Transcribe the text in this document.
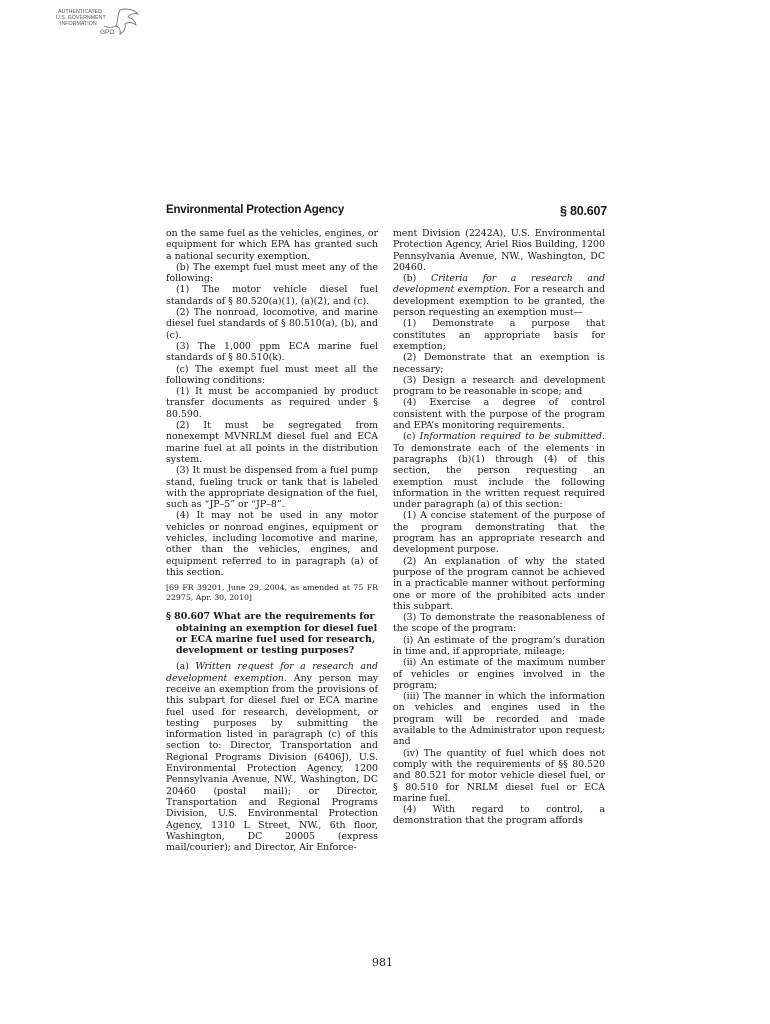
AUTHENTICATED
U.S. GOVERNMENT
INFORMATION
GPO
Environmental Protection Agency	§ 80.607

on the same fuel as the vehicles, engines, or equipment for which EPA has granted such a national security exemption.

(b) The exempt fuel must meet any of the following:

(1) The motor vehicle diesel fuel standards of § 80.520(a)(1), (a)(2), and (c).

(2) The nonroad, locomotive, and marine diesel fuel standards of § 80.510(a), (b), and (c).

(3) The 1,000 ppm ECA marine fuel standards of § 80.510(k).

(c) The exempt fuel must meet all the following conditions:

(1) It must be accompanied by product transfer documents as required under § 80.590.

(2) It must be segregated from nonexempt MVNRLM diesel fuel and ECA marine fuel at all points in the distribution system.

(3) It must be dispensed from a fuel pump stand, fueling truck or tank that is labeled with the appropriate designation of the fuel, such as “JP–5” or “JP–8”.

(4) It may not be used in any motor vehicles or nonroad engines, equipment or vehicles, including locomotive and marine, other than the vehicles, engines, and equipment referred to in paragraph (a) of this section.

[69 FR 39201, June 29, 2004, as amended at 75 FR 22975, Apr. 30, 2010]

§ 80.607 What are the requirements for obtaining an exemption for diesel fuel or ECA marine fuel used for research, development or testing purposes?

(a) Written request for a research and development exemption. Any person may receive an exemption from the provisions of this subpart for diesel fuel or ECA marine fuel used for research, development, or testing purposes by submitting the information listed in paragraph (c) of this section to: Director, Transportation and Regional Programs Division (6406J), U.S. Environmental Protection Agency, 1200 Pennsylvania Avenue, NW., Washington, DC 20460 (postal mail); or Director, Transportation and Regional Programs Division, U.S. Environmental Protection Agency, 1310 L Street, NW., 6th floor, Washington, DC 20005 (express mail/courier); and Director, Air Enforce-

ment Division (2242A), U.S. Environmental Protection Agency, Ariel Rios Building, 1200 Pennsylvania Avenue, NW., Washington, DC 20460.

(b) Criteria for a research and development exemption. For a research and development exemption to be granted, the person requesting an exemption must—

(1) Demonstrate a purpose that constitutes an appropriate basis for exemption;

(2) Demonstrate that an exemption is necessary;

(3) Design a research and development program to be reasonable in scope; and

(4) Exercise a degree of control consistent with the purpose of the program and EPA’s monitoring requirements.

(c) Information required to be submitted. To demonstrate each of the elements in paragraphs (b)(1) through (4) of this section, the person requesting an exemption must include the following information in the written request required under paragraph (a) of this section:

(1) A concise statement of the purpose of the program demonstrating that the program has an appropriate research and development purpose.

(2) An explanation of why the stated purpose of the program cannot be achieved in a practicable manner without performing one or more of the prohibited acts under this subpart.

(3) To demonstrate the reasonableness of the scope of the program:

(i) An estimate of the program’s duration in time and, if appropriate, mileage;

(ii) An estimate of the maximum number of vehicles or engines involved in the program;

(iii) The manner in which the information on vehicles and engines used in the program will be recorded and made available to the Administrator upon request; and

(iv) The quantity of fuel which does not comply with the requirements of §§ 80.520 and 80.521 for motor vehicle diesel fuel, or § 80.510 for NRLM diesel fuel or ECA marine fuel.

(4) With regard to control, a demonstration that the program affords

981
